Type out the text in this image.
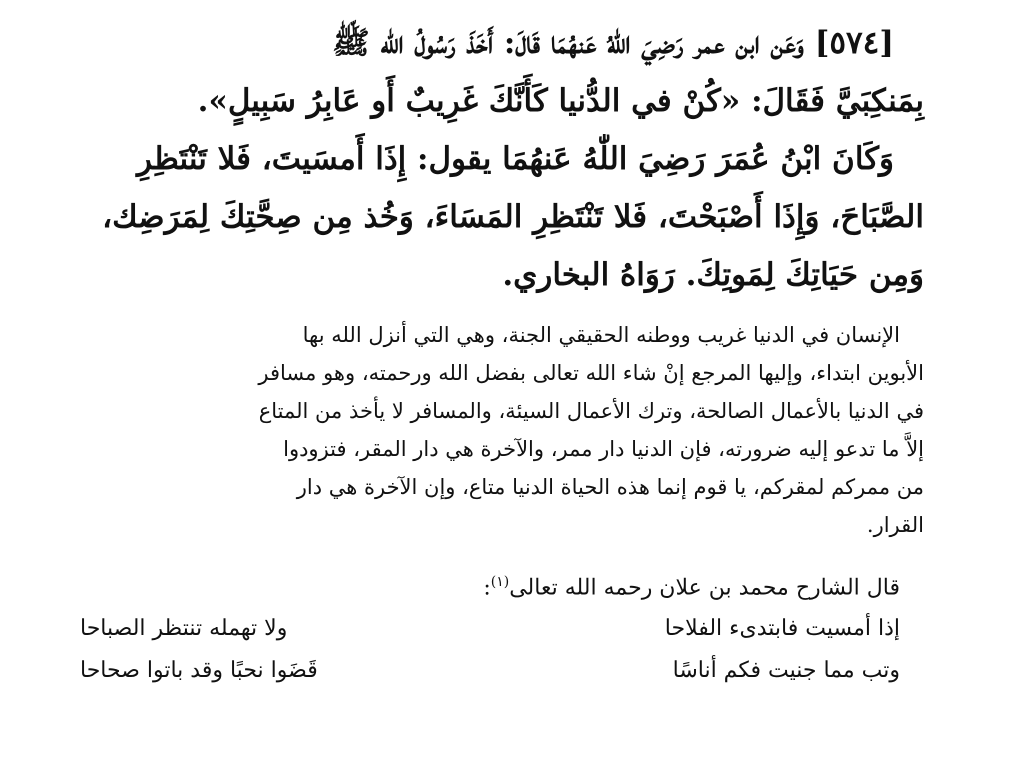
[٥٧٤] وَعَن ابن عمر رَضِيَ اللّٰهُ عَنهُمَا قَالَ: أَخَذَ رَسُولُ اللّٰه ﷺ
بِمَنكِبَيَّ فَقَالَ: «كُنْ في الدُّنيا كَأَنَّكَ غَرِيبٌ أَو عَابِرُ سَبِيلٍ».
وَكَانَ ابْنُ عُمَرَ رَضِيَ اللّٰهُ عَنهُمَا يقول: إِذَا أَمسَيتَ، فَلا تَنْتَظِرِ
الصَّبَاحَ، وَإِذَا أَصْبَحْتَ، فَلا تَنْتَظِرِ المَسَاءَ، وَخُذ مِن صِحَّتِكَ لِمَرَضِك،
وَمِن حَيَاتِكَ لِمَوتِكَ. رَوَاهُ البخاري.
الإنسان في الدنيا غريب ووطنه الحقيقي الجنة، وهي التي أنزل الله بها
الأبوين ابتداء، وإليها المرجع إنْ شاء الله تعالى بفضل الله ورحمته، وهو مسافر
في الدنيا بالأعمال الصالحة، وترك الأعمال السيئة، والمسافر لا يأخذ من المتاع
إلاَّ ما تدعو إليه ضرورته، فإن الدنيا دار ممر، والآخرة هي دار المقر، فتزودوا
من ممركم لمقركم، يا قوم إنما هذه الحياة الدنيا متاع، وإن الآخرة هي دار
القرار.
قال الشارح محمد بن علان رحمه الله تعالى$^{(١)}$:
إذا أمسيت فابتدىء الفلاحا
ولا تهمله تنتظر الصباحا
وتب مما جنيت فكم أناسًا
قَضَوا نحبًا وقد باتوا صحاحا
